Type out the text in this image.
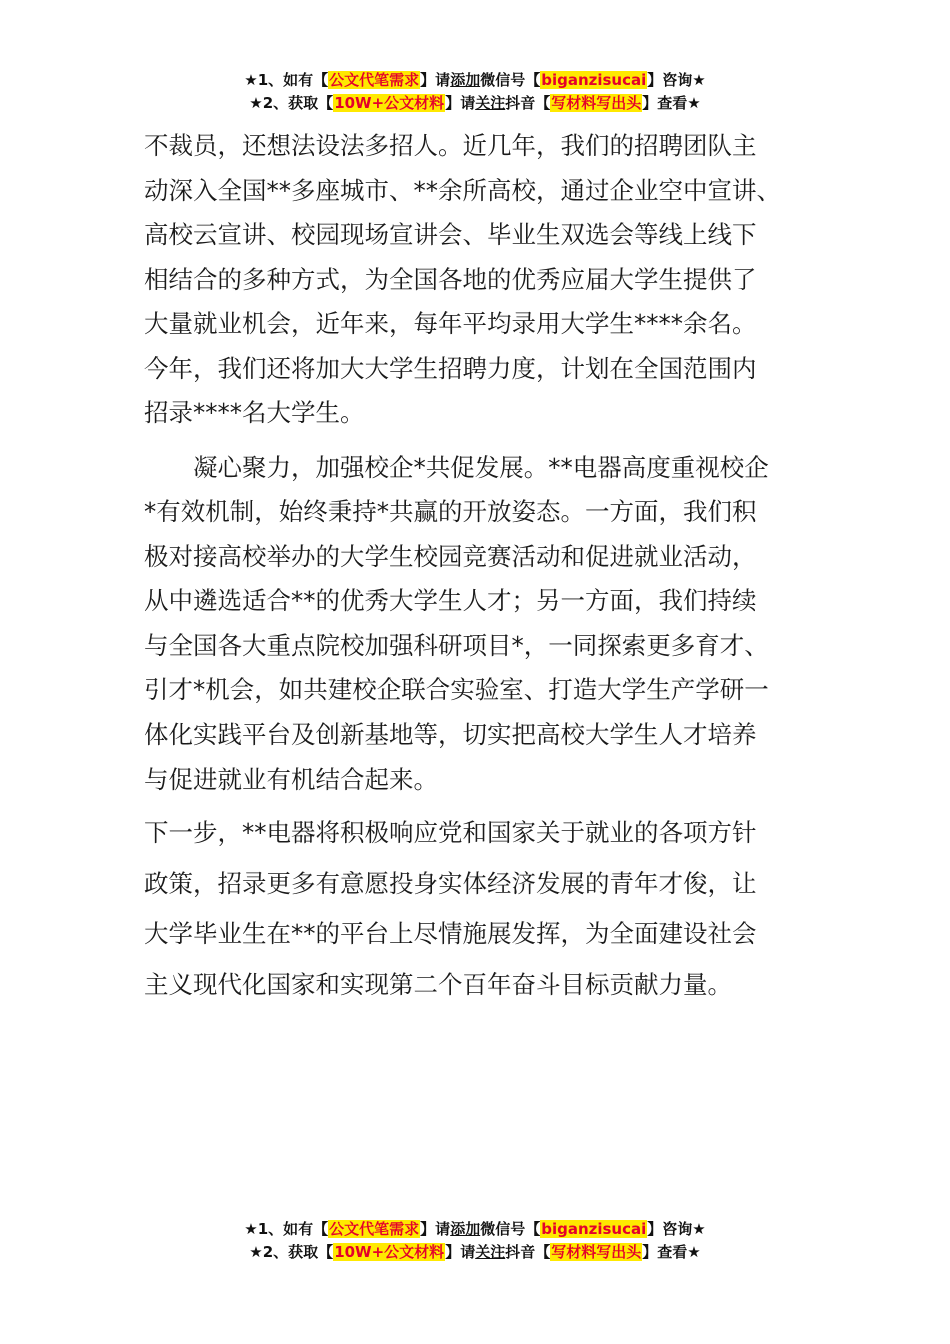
★1、如有【公文代笔需求】请添加微信号【biganzisucai】咨询★
★2、获取【10W+公文材料】请关注抖音【写材料写出头】查看★
不裁员，还想法设法多招人。近几年，我们的招聘团队主
动深入全国**多座城市、**余所高校，通过企业空中宣讲、
高校云宣讲、校园现场宣讲会、毕业生双选会等线上线下
相结合的多种方式，为全国各地的优秀应届大学生提供了
大量就业机会，近年来，每年平均录用大学生****余名。
今年，我们还将加大大学生招聘力度，计划在全国范围内
招录****名大学生。
凝心聚力，加强校企*共促发展。**电器高度重视校企
*有效机制，始终秉持*共赢的开放姿态。一方面，我们积
极对接高校举办的大学生校园竞赛活动和促进就业活动，
从中遴选适合**的优秀大学生人才；另一方面，我们持续
与全国各大重点院校加强科研项目*，一同探索更多育才、
引才*机会，如共建校企联合实验室、打造大学生产学研一
体化实践平台及创新基地等，切实把高校大学生人才培养
与促进就业有机结合起来。
下一步，**电器将积极响应党和国家关于就业的各项方针
政策，招录更多有意愿投身实体经济发展的青年才俊，让
大学毕业生在**的平台上尽情施展发挥，为全面建设社会
主义现代化国家和实现第二个百年奋斗目标贡献力量。
★1、如有【公文代笔需求】请添加微信号【biganzisucai】咨询★
★2、获取【10W+公文材料】请关注抖音【写材料写出头】查看★
